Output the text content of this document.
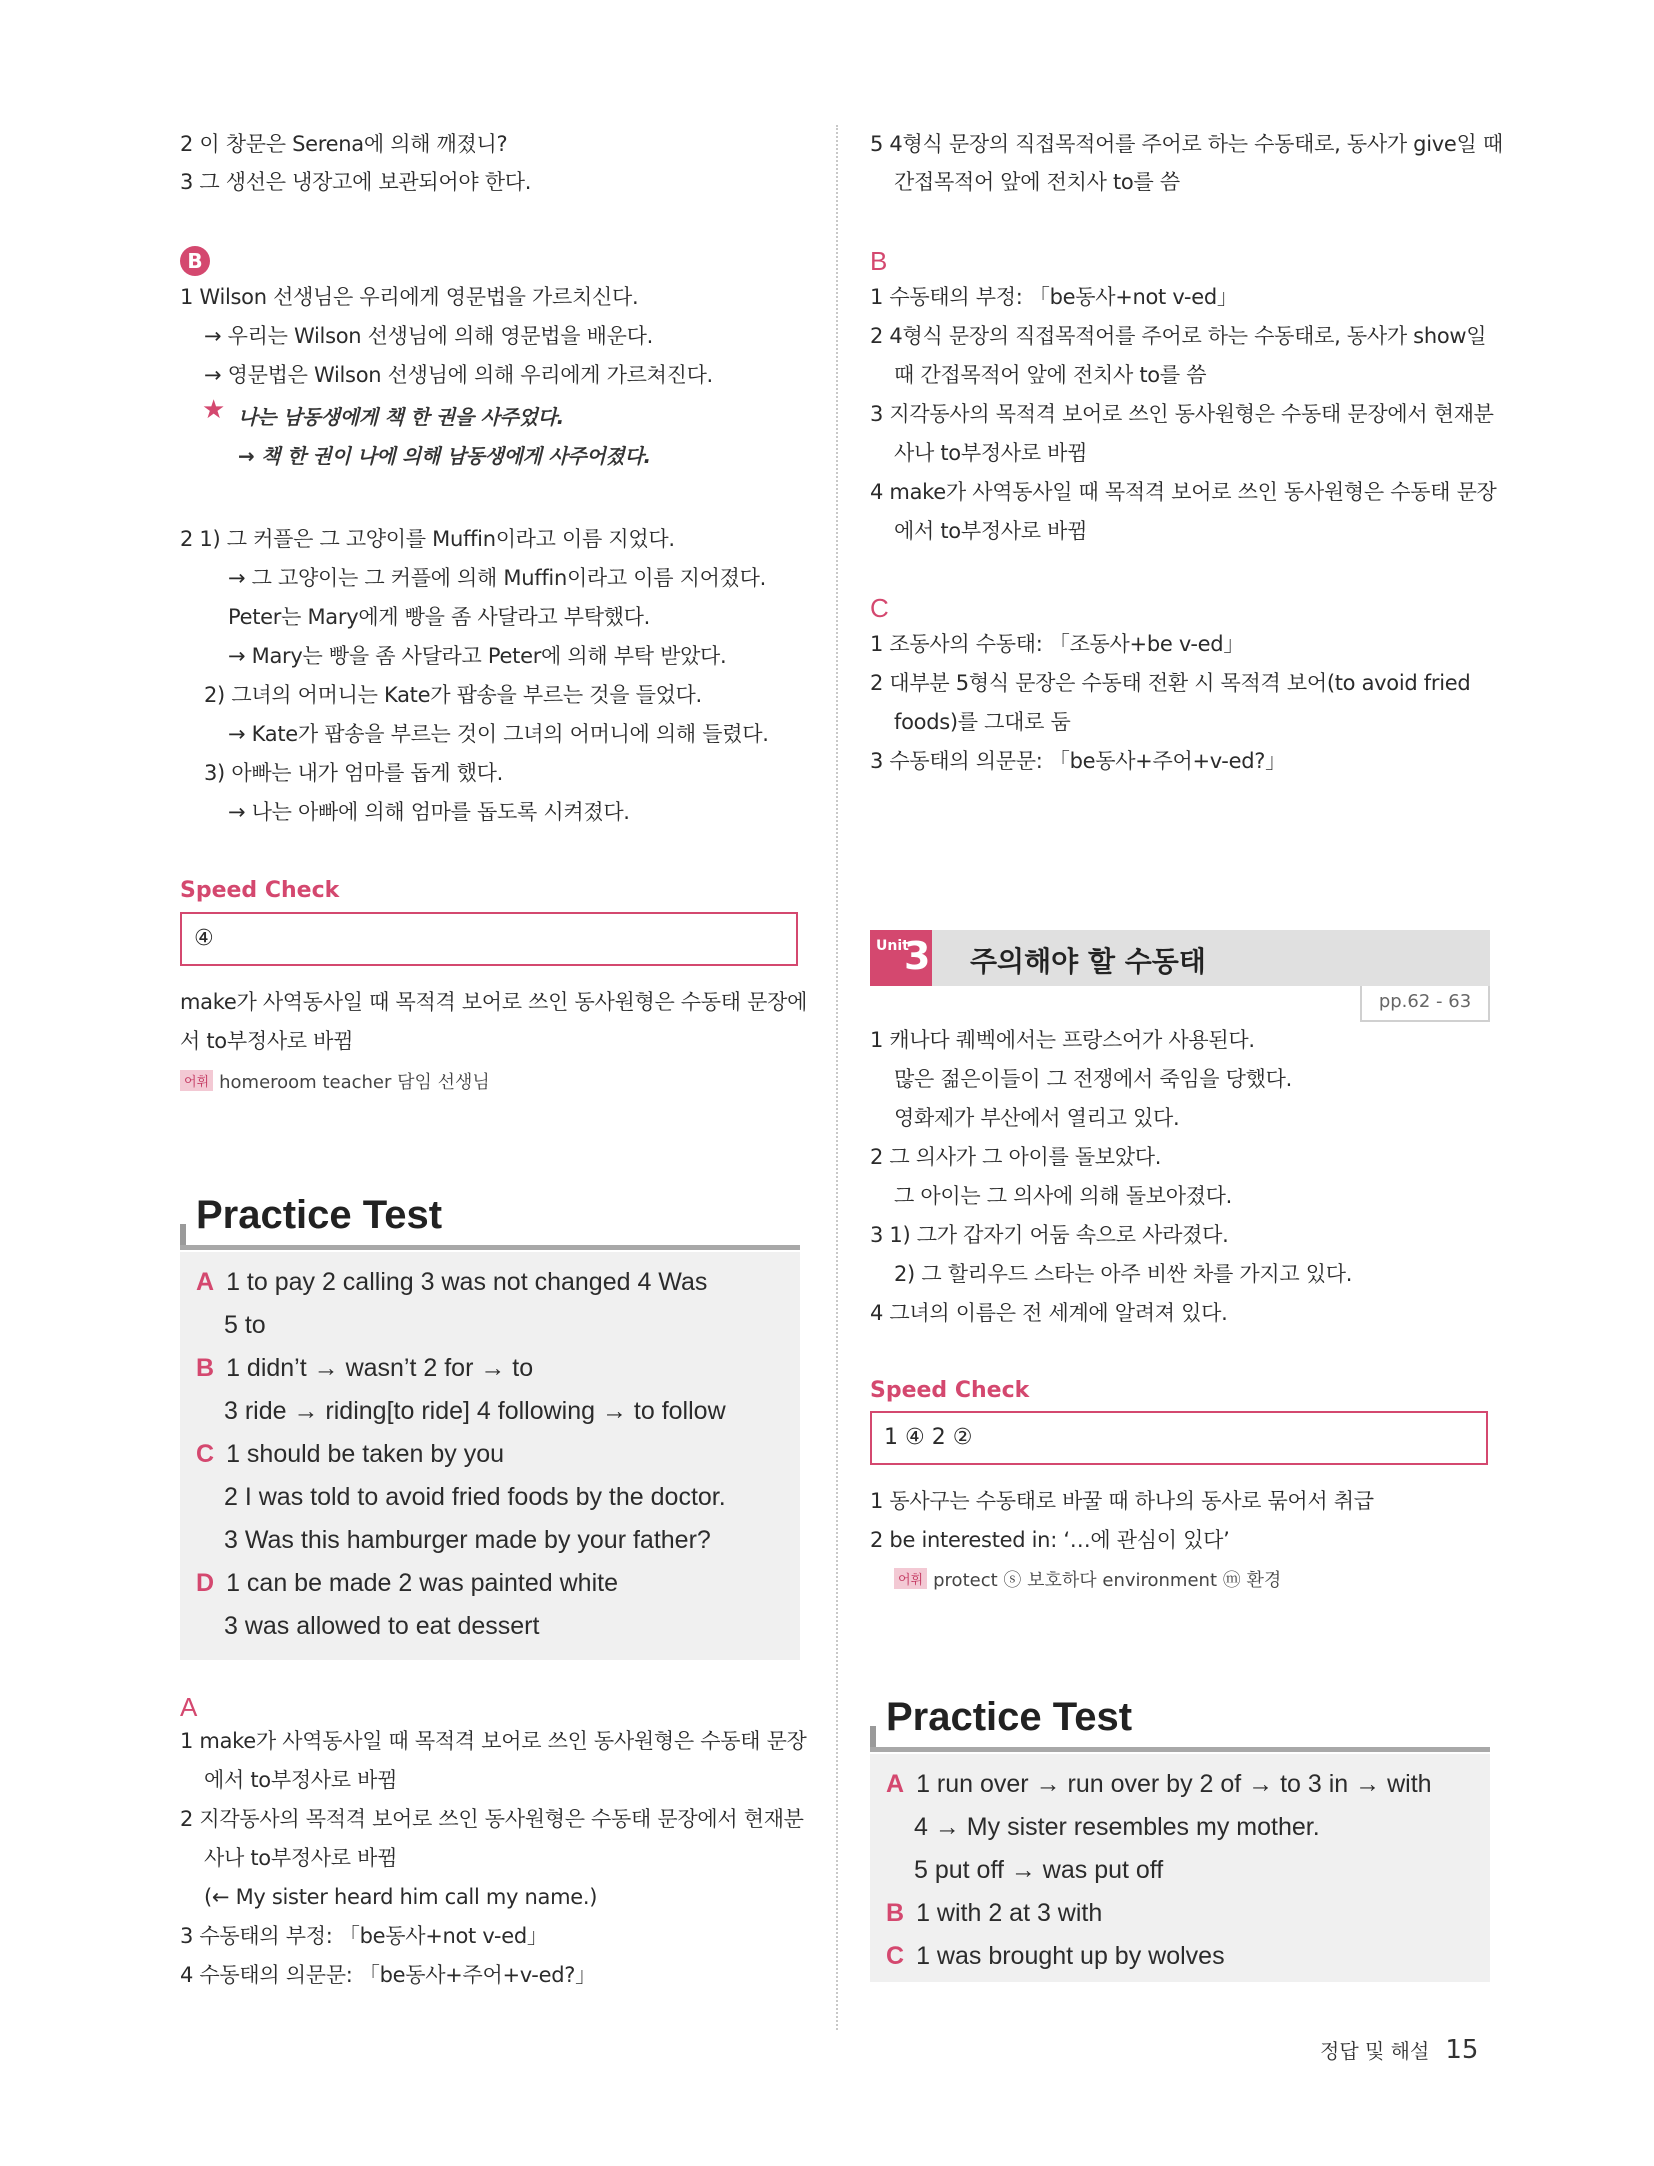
2 이 창문은 Serena에 의해 깨졌니?
3 그 생선은 냉장고에 보관되어야 한다.
B
1 Wilson 선생님은 우리에게 영문법을 가르치신다.
→ 우리는 Wilson 선생님에 의해 영문법을 배운다.
→ 영문법은 Wilson 선생님에 의해 우리에게 가르쳐진다.
★ 나는 남동생에게 책 한 권을 사주었다.
→ 책 한 권이 나에 의해 남동생에게 사주어졌다.
2 1) 그 커플은 그 고양이를 Muffin이라고 이름 지었다.
→ 그 고양이는 그 커플에 의해 Muffin이라고 이름 지어졌다.
Peter는 Mary에게 빵을 좀 사달라고 부탁했다.
→ Mary는 빵을 좀 사달라고 Peter에 의해 부탁 받았다.
2) 그녀의 어머니는 Kate가 팝송을 부르는 것을 들었다.
→ Kate가 팝송을 부르는 것이 그녀의 어머니에 의해 들렸다.
3) 아빠는 내가 엄마를 돕게 했다.
→ 나는 아빠에 의해 엄마를 돕도록 시켜졌다.
Speed Check
④
make가 사역동사일 때 목적격 보어로 쓰인 동사원형은 수동태 문장에
서 to부정사로 바뀜
어휘 homeroom teacher 담임 선생님
Practice Test
A 1 to pay 2 calling 3 was not changed 4 Was
5 to
B 1 didn’t → wasn’t 2 for → to
3 ride → riding[to ride] 4 following → to follow
C 1 should be taken by you
2 I was told to avoid fried foods by the doctor.
3 Was this hamburger made by your father?
D 1 can be made 2 was painted white
3 was allowed to eat dessert
A
1 make가 사역동사일 때 목적격 보어로 쓰인 동사원형은 수동태 문장
에서 to부정사로 바뀜
2 지각동사의 목적격 보어로 쓰인 동사원형은 수동태 문장에서 현재분
사나 to부정사로 바뀜
(← My sister heard him call my name.)
3 수동태의 부정: 「be동사+not v-ed」
4 수동태의 의문문: 「be동사+주어+v-ed?」
5 4형식 문장의 직접목적어를 주어로 하는 수동태로, 동사가 give일 때
간접목적어 앞에 전치사 to를 씀
B
1 수동태의 부정: 「be동사+not v-ed」
2 4형식 문장의 직접목적어를 주어로 하는 수동태로, 동사가 show일
때 간접목적어 앞에 전치사 to를 씀
3 지각동사의 목적격 보어로 쓰인 동사원형은 수동태 문장에서 현재분
사나 to부정사로 바뀜
4 make가 사역동사일 때 목적격 보어로 쓰인 동사원형은 수동태 문장
에서 to부정사로 바뀜
C
1 조동사의 수동태: 「조동사+be v-ed」
2 대부분 5형식 문장은 수동태 전환 시 목적격 보어(to avoid fried
foods)를 그대로 둠
3 수동태의 의문문: 「be동사+주어+v-ed?」
Unit
3 주의해야 할 수동태
pp.62 - 63
1 캐나다 퀘벡에서는 프랑스어가 사용된다.
많은 젊은이들이 그 전쟁에서 죽임을 당했다.
영화제가 부산에서 열리고 있다.
2 그 의사가 그 아이를 돌보았다.
그 아이는 그 의사에 의해 돌보아졌다.
3 1) 그가 갑자기 어둠 속으로 사라졌다.
2) 그 할리우드 스타는 아주 비싼 차를 가지고 있다.
4 그녀의 이름은 전 세계에 알려져 있다.
Speed Check
1 ④ 2 ②
1 동사구는 수동태로 바꿀 때 하나의 동사로 묶어서 취급
2 be interested in: ‘…에 관심이 있다’
어휘 protect ⓢ 보호하다 environment ⓜ 환경
Practice Test
A 1 run over → run over by 2 of → to 3 in → with
4 → My sister resembles my mother.
5 put off → was put off
B 1 with 2 at 3 with
C 1 was brought up by wolves
정답 및 해설 15
